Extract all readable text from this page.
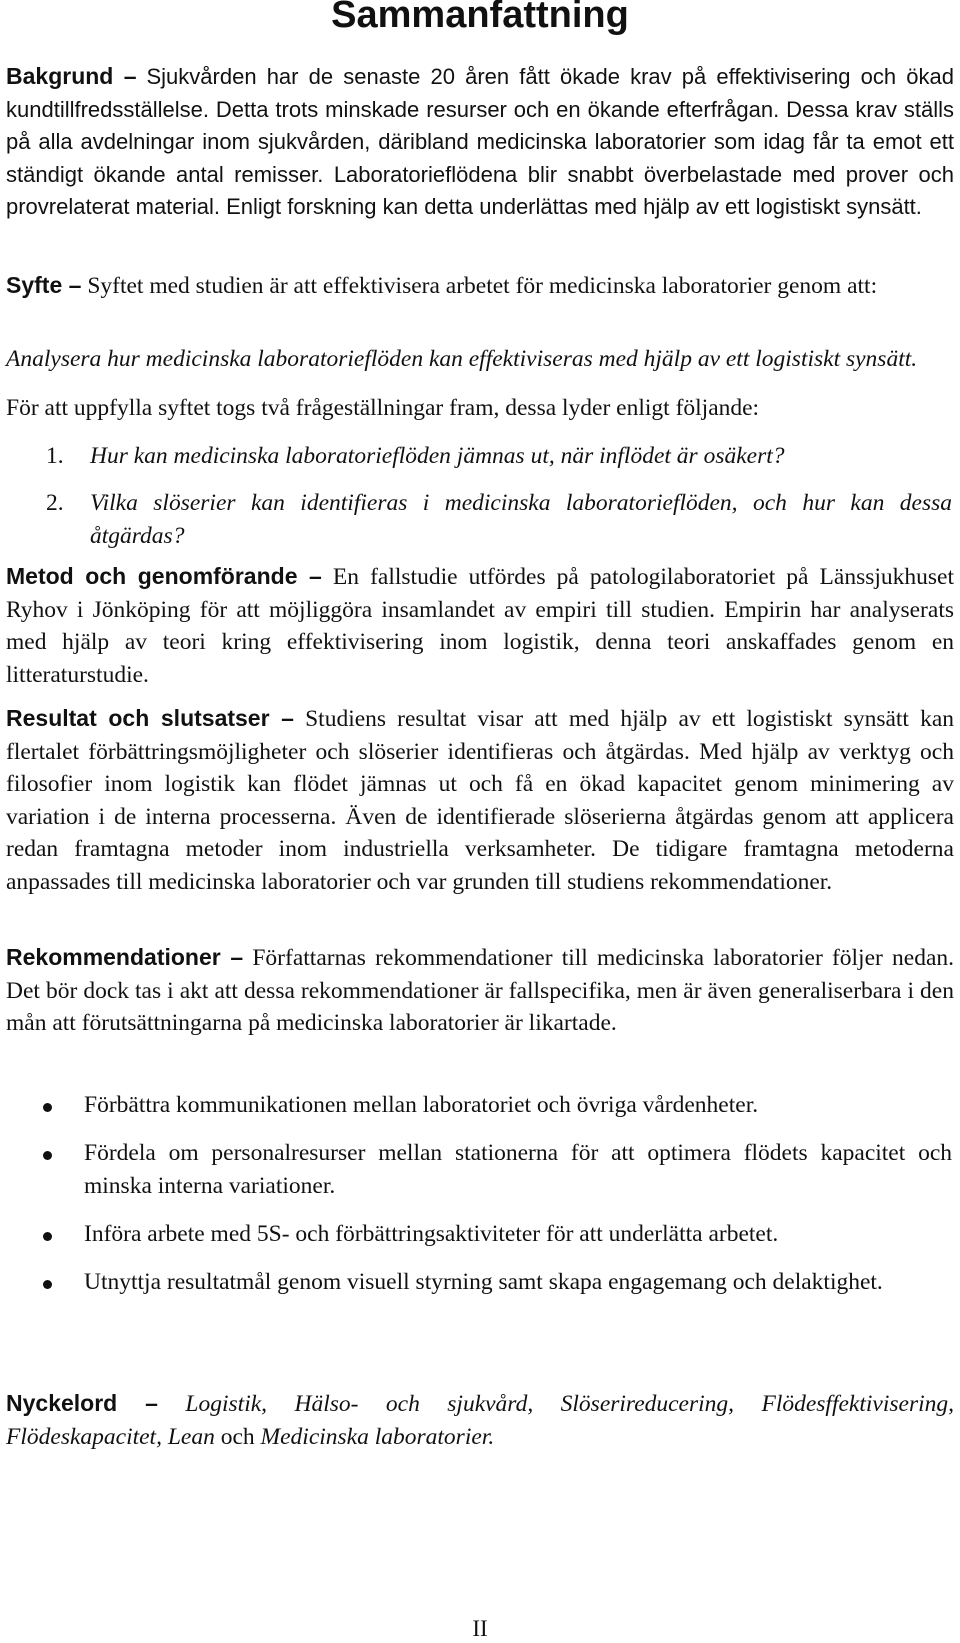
Sammanfattning

Bakgrund – Sjukvården har de senaste 20 åren fått ökade krav på effektivisering och ökad kundtillfredsställelse. Detta trots minskade resurser och en ökande efterfrågan. Dessa krav ställs på alla avdelningar inom sjukvården, däribland medicinska laboratorier som idag får ta emot ett ständigt ökande antal remisser. Laboratorieflödena blir snabbt överbelastade med prover och provrelaterat material. Enligt forskning kan detta underlättas med hjälp av ett logistiskt synsätt.

Syfte – Syftet med studien är att effektivisera arbetet för medicinska laboratorier genom att:

Analysera hur medicinska laboratorieflöden kan effektiviseras med hjälp av ett logistiskt synsätt.

För att uppfylla syftet togs två frågeställningar fram, dessa lyder enligt följande:

1. Hur kan medicinska laboratorieflöden jämnas ut, när inflödet är osäkert?

2. Vilka slöserier kan identifieras i medicinska laboratorieflöden, och hur kan dessa åtgärdas?

Metod och genomförande – En fallstudie utfördes på patologilaboratoriet på Länssjukhuset Ryhov i Jönköping för att möjliggöra insamlandet av empiri till studien. Empirin har analyserats med hjälp av teori kring effektivisering inom logistik, denna teori anskaffades genom en litteraturstudie.

Resultat och slutsatser – Studiens resultat visar att med hjälp av ett logistiskt synsätt kan flertalet förbättringsmöjligheter och slöserier identifieras och åtgärdas. Med hjälp av verktyg och filosofier inom logistik kan flödet jämnas ut och få en ökad kapacitet genom minimering av variation i de interna processerna. Även de identifierade slöserierna åtgärdas genom att applicera redan framtagna metoder inom industriella verksamheter. De tidigare framtagna metoderna anpassades till medicinska laboratorier och var grunden till studiens rekommendationer.

Rekommendationer – Författarnas rekommendationer till medicinska laboratorier följer nedan. Det bör dock tas i akt att dessa rekommendationer är fallspecifika, men är även generaliserbara i den mån att förutsättningarna på medicinska laboratorier är likartade.

Förbättra kommunikationen mellan laboratoriet och övriga vårdenheter.

Fördela om personalresurser mellan stationerna för att optimera flödets kapacitet och minska interna variationer.

Införa arbete med 5S- och förbättringsaktiviteter för att underlätta arbetet.

Utnyttja resultatmål genom visuell styrning samt skapa engagemang och delaktighet.

Nyckelord – Logistik, Hälso- och sjukvård, Slöserireducering, Flödesffektivisering, Flödeskapacitet, Lean och Medicinska laboratorier.

II
